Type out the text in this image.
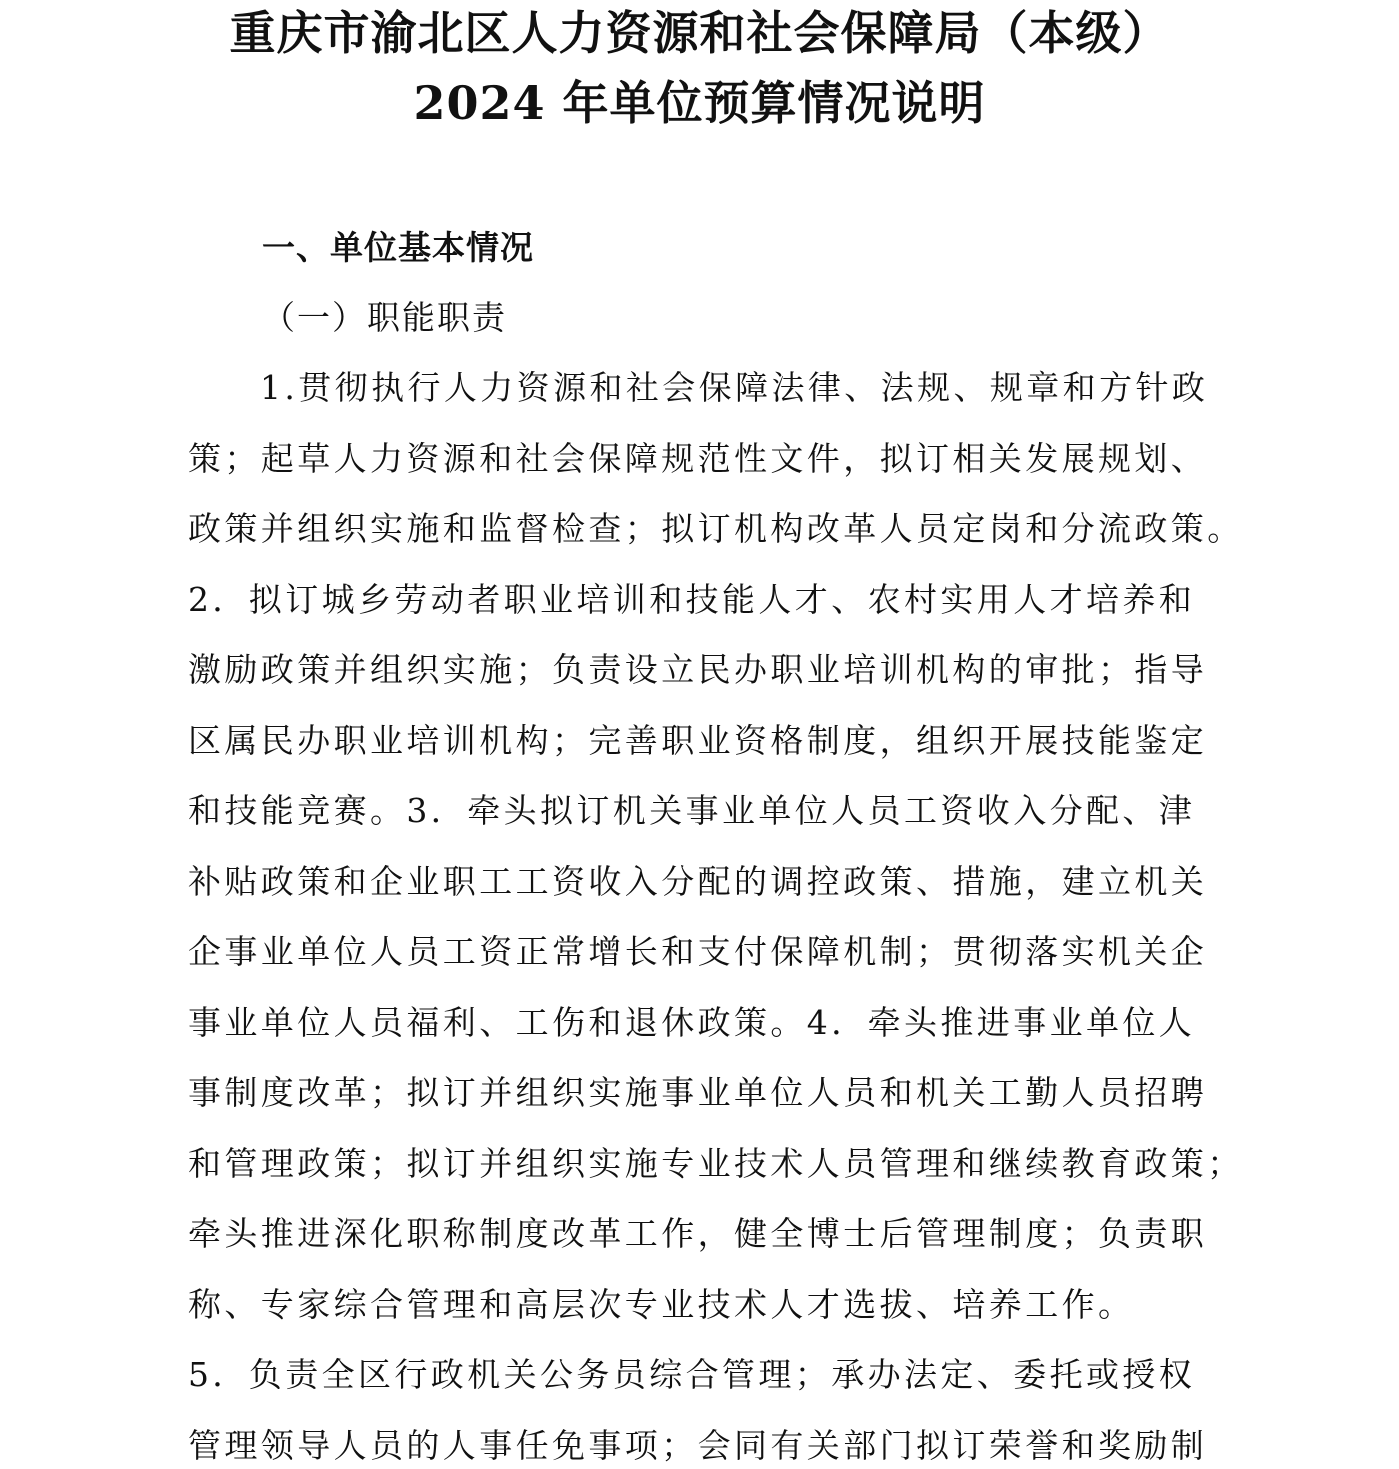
重庆市渝北区人力资源和社会保障局（本级）
2024 年单位预算情况说明
一、单位基本情况
（一）职能职责
1.贯彻执行人力资源和社会保障法律、法规、规章和方针政
策；起草人力资源和社会保障规范性文件，拟订相关发展规划、
政策并组织实施和监督检查；拟订机构改革人员定岗和分流政策。
2．拟订城乡劳动者职业培训和技能人才、农村实用人才培养和
激励政策并组织实施；负责设立民办职业培训机构的审批；指导
区属民办职业培训机构；完善职业资格制度，组织开展技能鉴定
和技能竞赛。3．牵头拟订机关事业单位人员工资收入分配、津
补贴政策和企业职工工资收入分配的调控政策、措施，建立机关
企事业单位人员工资正常增长和支付保障机制；贯彻落实机关企
事业单位人员福利、工伤和退休政策。4．牵头推进事业单位人
事制度改革；拟订并组织实施事业单位人员和机关工勤人员招聘
和管理政策；拟订并组织实施专业技术人员管理和继续教育政策；
牵头推进深化职称制度改革工作，健全博士后管理制度；负责职
称、专家综合管理和高层次专业技术人才选拔、培养工作。
5．负责全区行政机关公务员综合管理；承办法定、委托或授权
管理领导人员的人事任免事项；会同有关部门拟订荣誉和奖励制
